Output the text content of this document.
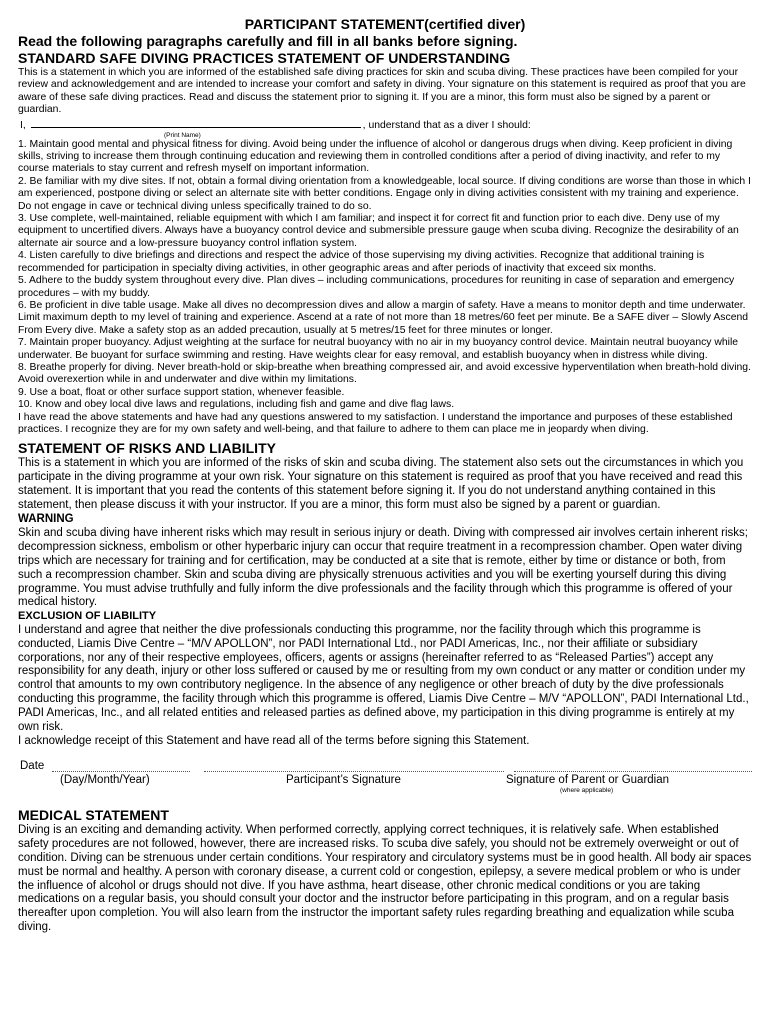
PARTICIPANT STATEMENT(certified diver)

Read the following paragraphs carefully and fill in all banks before signing.

STANDARD SAFE DIVING PRACTICES STATEMENT OF UNDERSTANDING

This is a statement in which you are informed of the established safe diving practices for skin and scuba diving. These practices have been compiled for your review and acknowledgement and are intended to increase your comfort and safety in diving. Your signature on this statement is required as proof that you are aware of these safe diving practices. Read and discuss the statement prior to signing it. If you are a minor, this form must also be signed by a parent or guardian.

I,	, understand that as a diver I should:

(Print Name)

1. Maintain good mental and physical fitness for diving. Avoid being under the influence of alcohol or dangerous drugs when diving. Keep proficient in diving skills, striving to increase them through continuing education and reviewing them in controlled conditions after a period of diving inactivity, and refer to my course materials to stay current and refresh myself on important information.

2. Be familiar with my dive sites. If not, obtain a formal diving orientation from a knowledgeable, local source. If diving conditions are worse than those in which I am experienced, postpone diving or select an alternate site with better conditions. Engage only in diving activities consistent with my training and experience. Do not engage in cave or technical diving unless specifically trained to do so.

3. Use complete, well-maintained, reliable equipment with which I am familiar; and inspect it for correct fit and function prior to each dive. Deny use of my equipment to uncertified divers. Always have a buoyancy control device and submersible pressure gauge when scuba diving. Recognize the desirability of an alternate air source and a low-pressure buoyancy control inflation system.

4. Listen carefully to dive briefings and directions and respect the advice of those supervising my diving activities. Recognize that additional training is recommended for participation in specialty diving activities, in other geographic areas and after periods of inactivity that exceed six months.

5. Adhere to the buddy system throughout every dive. Plan dives – including communications, procedures for reuniting in case of separation and emergency procedures – with my buddy.

6. Be proficient in dive table usage. Make all dives no decompression dives and allow a margin of safety. Have a means to monitor depth and time underwater. Limit maximum depth to my level of training and experience. Ascend at a rate of not more than 18 metres/60 feet per minute. Be a SAFE diver – Slowly Ascend From Every dive. Make a safety stop as an added precaution, usually at 5 metres/15 feet for three minutes or longer.

7. Maintain proper buoyancy. Adjust weighting at the surface for neutral buoyancy with no air in my buoyancy control device. Maintain neutral buoyancy while underwater. Be buoyant for surface swimming and resting. Have weights clear for easy removal, and establish buoyancy when in distress while diving.

8. Breathe properly for diving. Never breath-hold or skip-breathe when breathing compressed air, and avoid excessive hyperventilation when breath-hold diving. Avoid overexertion while in and underwater and dive within my limitations.

9. Use a boat, float or other surface support station, whenever feasible.

10. Know and obey local dive laws and regulations, including fish and game and dive flag laws.

I have read the above statements and have had any questions answered to my satisfaction. I understand the importance and purposes of these established practices. I recognize they are for my own safety and well-being, and that failure to adhere to them can place me in jeopardy when diving.

STATEMENT OF RISKS AND LIABILITY

This is a statement in which you are informed of the risks of skin and scuba diving. The statement also sets out the circumstances in which you participate in the diving programme at your own risk. Your signature on this statement is required as proof that you have received and read this statement. It is important that you read the contents of this statement before signing it. If you do not understand anything contained in this statement, then please discuss it with your instructor. If you are a minor, this form must also be signed by a parent or guardian.

WARNING

Skin and scuba diving have inherent risks which may result in serious injury or death. Diving with compressed air involves certain inherent risks; decompression sickness, embolism or other hyperbaric injury can occur that require treatment in a recompression chamber. Open water diving trips which are necessary for training and for certification, may be conducted at a site that is remote, either by time or distance or both, from such a recompression chamber. Skin and scuba diving are physically strenuous activities and you will be exerting yourself during this diving programme. You must advise truthfully and fully inform the dive professionals and the facility through which this programme is offered of your medical history.

EXCLUSION OF LIABILITY

I understand and agree that neither the dive professionals conducting this programme, nor the facility through which this programme is conducted, Liamis Dive Centre – “M/V APOLLON”, nor PADI International Ltd., nor PADI Americas, Inc., nor their affiliate or subsidiary corporations, nor any of their respective employees, officers, agents or assigns (hereinafter referred to as “Released Parties”) accept any responsibility for any death, injury or other loss suffered or caused by me or resulting from my own conduct or any matter or condition under my control that amounts to my own contributory negligence. In the absence of any negligence or other breach of duty by the dive professionals conducting this programme, the facility through which this programme is offered, Liamis Dive Centre – M/V “APOLLON”, PADI International Ltd., PADI Americas, Inc., and all related entities and released parties as defined above, my participation in this diving programme is entirely at my own risk.

I acknowledge receipt of this Statement and have read all of the terms before signing this Statement.

Date
(Day/Month/Year)	Participant’s Signature	Signature of Parent or Guardian
(where applicable)

MEDICAL STATEMENT

Diving is an exciting and demanding activity. When performed correctly, applying correct techniques, it is relatively safe. When established safety procedures are not followed, however, there are increased risks. To scuba dive safely, you should not be extremely overweight or out of condition. Diving can be strenuous under certain conditions. Your respiratory and circulatory systems must be in good health. All body air spaces must be normal and healthy. A person with coronary disease, a current cold or congestion, epilepsy, a severe medical problem or who is under the influence of alcohol or drugs should not dive. If you have asthma, heart disease, other chronic medical conditions or you are taking medications on a regular basis, you should consult your doctor and the instructor before participating in this program, and on a regular basis thereafter upon completion. You will also learn from the instructor the important safety rules regarding breathing and equalization while scuba diving.
